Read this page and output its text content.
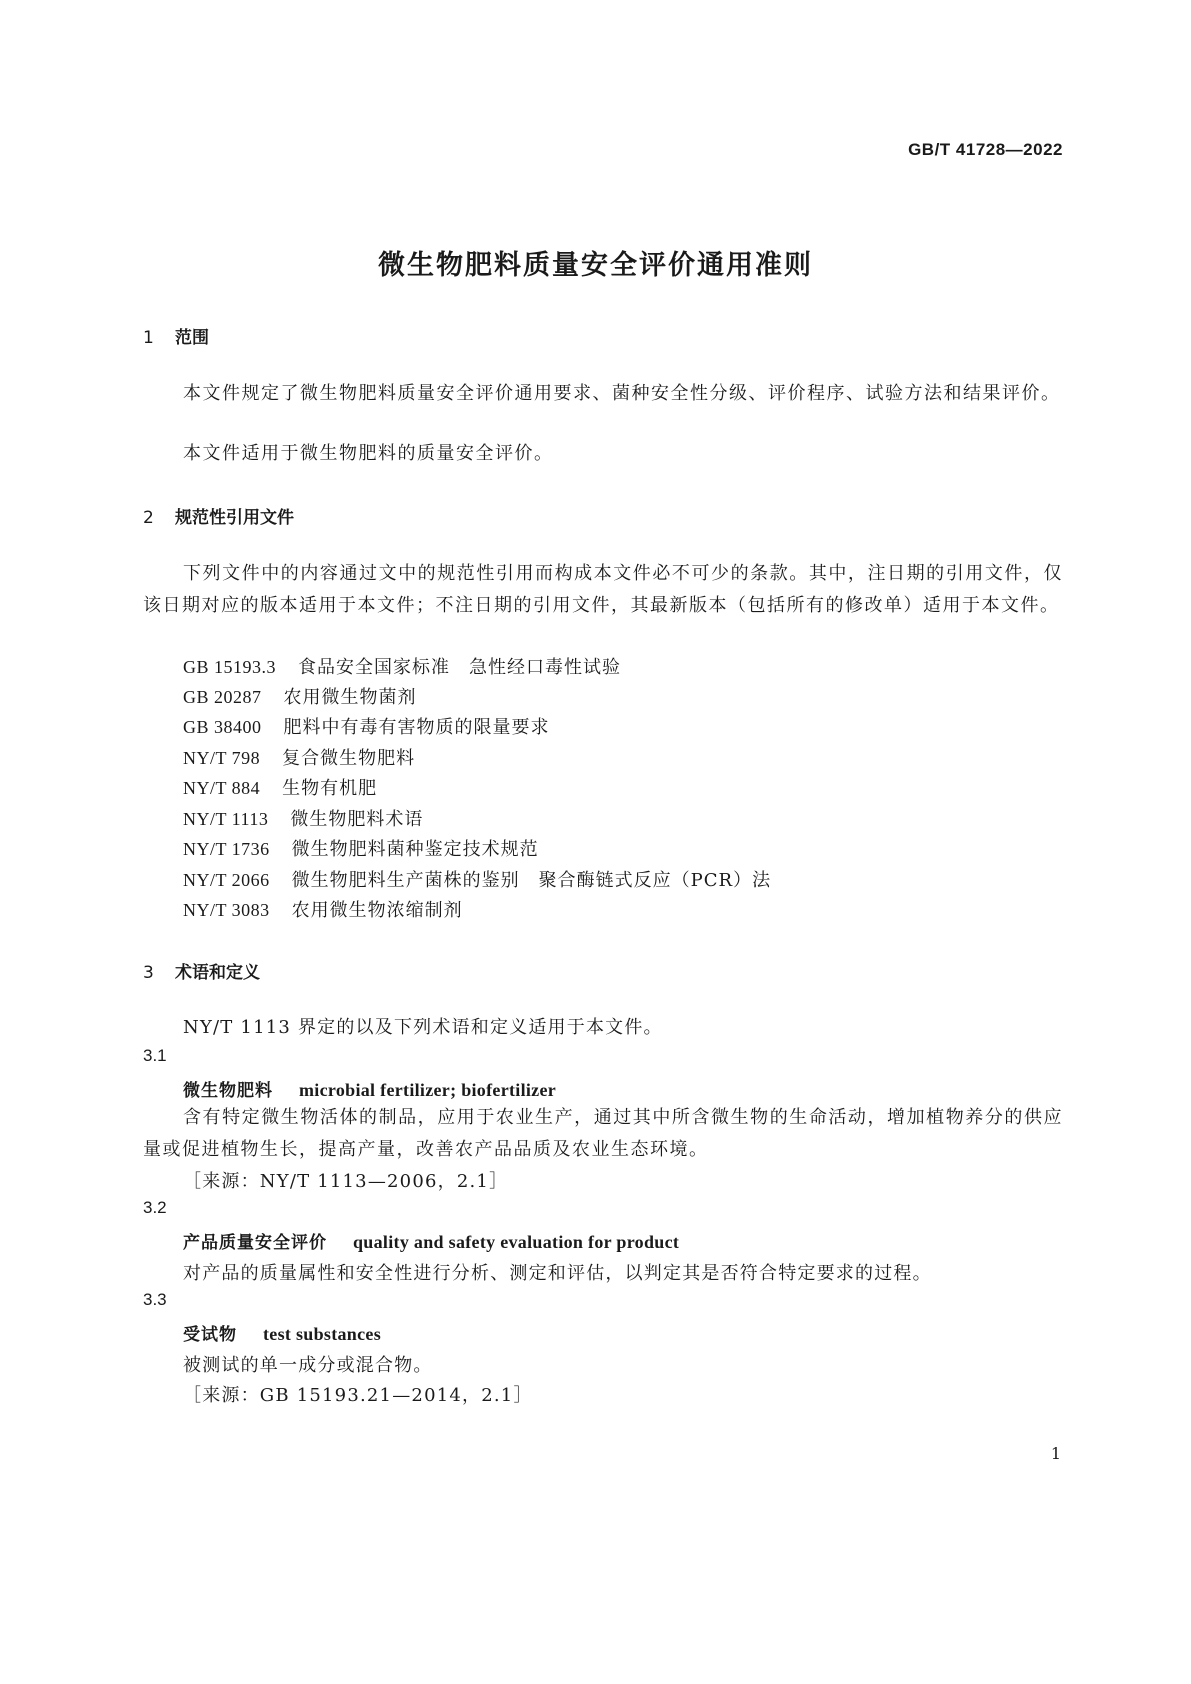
GB/T 41728—2022
微生物肥料质量安全评价通用准则
1 范围
本文件规定了微生物肥料质量安全评价通用要求、菌种安全性分级、评价程序、试验方法和结果评价。
本文件适用于微生物肥料的质量安全评价。
2 规范性引用文件
下列文件中的内容通过文中的规范性引用而构成本文件必不可少的条款。其中，注日期的引用文件，仅该日期对应的版本适用于本文件；不注日期的引用文件，其最新版本（包括所有的修改单）适用于本文件。
GB 15193.3 食品安全国家标准　急性经口毒性试验
GB 20287 农用微生物菌剂
GB 38400 肥料中有毒有害物质的限量要求
NY/T 798 复合微生物肥料
NY/T 884 生物有机肥
NY/T 1113 微生物肥料术语
NY/T 1736 微生物肥料菌种鉴定技术规范
NY/T 2066 微生物肥料生产菌株的鉴别　聚合酶链式反应（PCR）法
NY/T 3083 农用微生物浓缩制剂
3 术语和定义
NY/T 1113 界定的以及下列术语和定义适用于本文件。
3.1
微生物肥料 microbial fertilizer; biofertilizer
含有特定微生物活体的制品，应用于农业生产，通过其中所含微生物的生命活动，增加植物养分的供应量或促进植物生长，提高产量，改善农产品品质及农业生态环境。
［来源：NY/T 1113—2006，2.1］
3.2
产品质量安全评价 quality and safety evaluation for product
对产品的质量属性和安全性进行分析、测定和评估，以判定其是否符合特定要求的过程。
3.3
受试物 test substances
被测试的单一成分或混合物。
［来源：GB 15193.21—2014，2.1］
1
